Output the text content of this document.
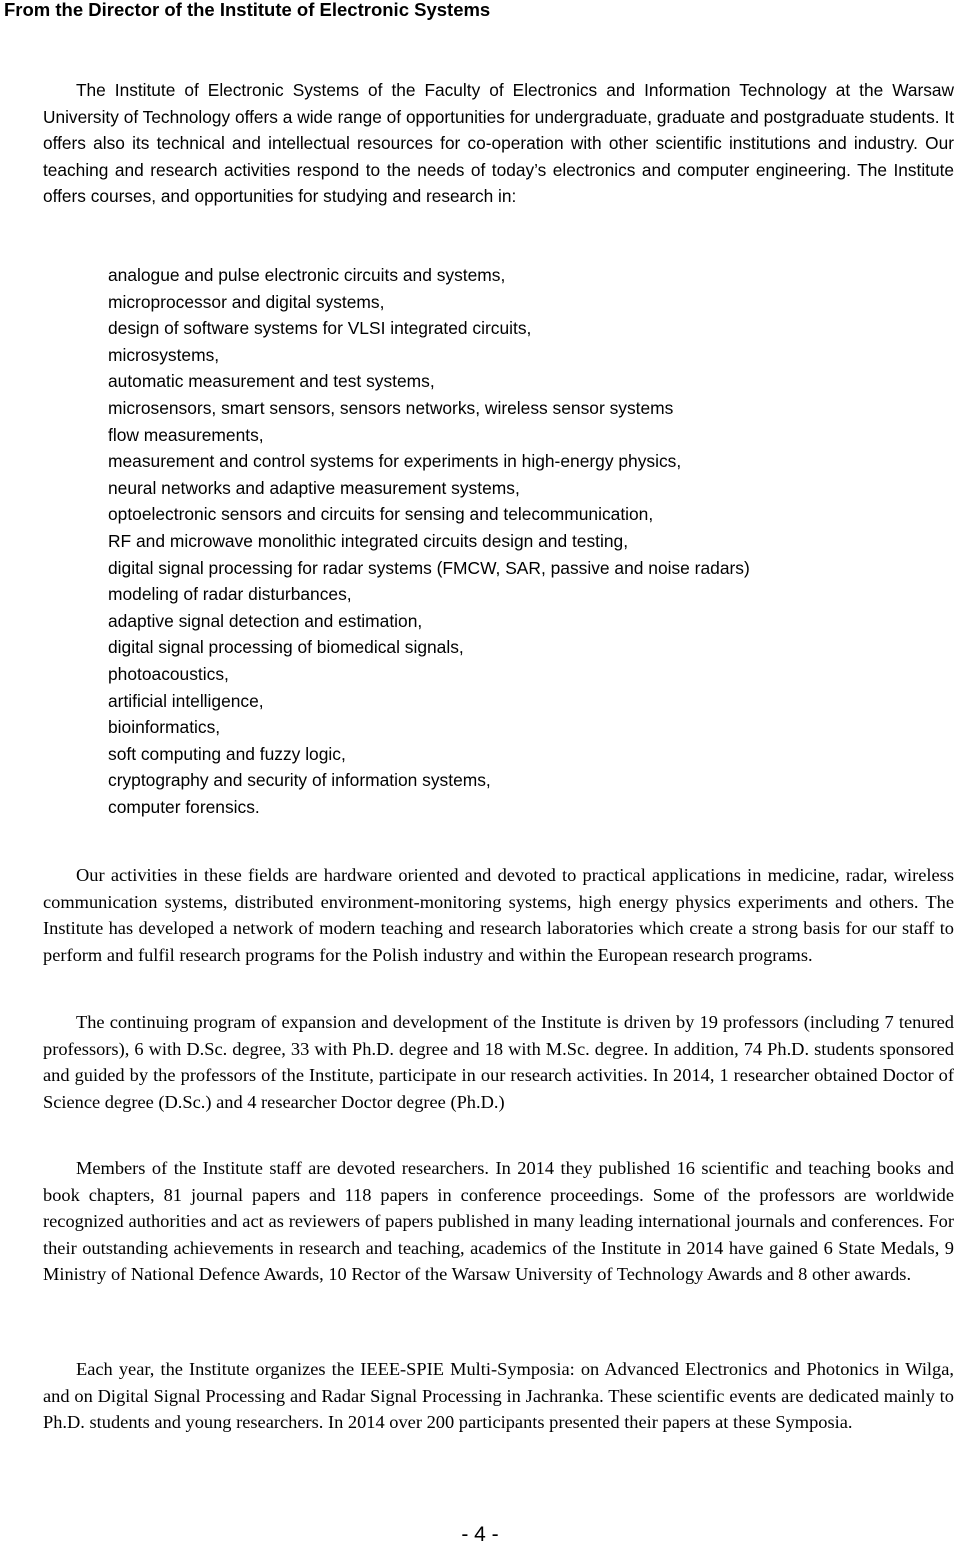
From the Director of the Institute of Electronic Systems

The Institute of Electronic Systems of the Faculty of Electronics and Information Technology at the Warsaw University of Technology offers a wide range of opportunities for undergraduate, graduate and postgraduate students. It offers also its technical and intellectual resources for co-operation with other scientific institutions and industry. Our teaching and research activities respond to the needs of today’s electronics and computer engineering. The Institute offers courses, and opportunities for studying and research in:

analogue and pulse electronic circuits and systems,
microprocessor and digital systems,
design of software systems for VLSI integrated circuits,
microsystems,
automatic measurement and test systems,
microsensors, smart sensors, sensors networks, wireless sensor systems
flow measurements,
measurement and control systems for experiments in high-energy physics,
neural networks and adaptive measurement systems,
optoelectronic sensors and circuits for sensing and telecommunication,
RF and microwave monolithic integrated circuits design and testing,
digital signal processing for radar systems (FMCW, SAR, passive and noise radars)
modeling of radar disturbances,
adaptive signal detection and estimation,
digital signal processing of biomedical signals,
photoacoustics,
artificial intelligence,
bioinformatics,
soft computing and fuzzy logic,
cryptography and security of information systems,
computer forensics.

Our activities in these fields are hardware oriented and devoted to practical applications in medicine, radar, wireless communication systems, distributed environment-monitoring systems, high energy physics experiments and others. The Institute has developed a network of modern teaching and research laboratories which create a strong basis for our staff to perform and fulfil research programs for the Polish industry and within the European research programs.

The continuing program of expansion and development of the Institute is driven by 19 professors (including 7 tenured professors), 6 with D.Sc. degree, 33 with Ph.D. degree and 18 with M.Sc. degree. In addition, 74 Ph.D. students sponsored and guided by the professors of the Institute, participate in our research activities. In 2014, 1 researcher obtained Doctor of Science degree (D.Sc.) and 4 researcher Doctor degree (Ph.D.)

Members of the Institute staff are devoted researchers. In 2014 they published 16 scientific and teaching books and book chapters, 81 journal papers and 118 papers in conference proceedings. Some of the professors are worldwide recognized authorities and act as reviewers of papers published in many leading international journals and conferences. For their outstanding achievements in research and teaching, academics of the Institute in 2014 have gained 6 State Medals, 9 Ministry of National Defence Awards, 10 Rector of the Warsaw University of Technology Awards and 8 other awards.

Each year, the Institute organizes the IEEE-SPIE Multi-Symposia: on Advanced Electronics and Photonics in Wilga, and on Digital Signal Processing and Radar Signal Processing in Jachranka. These scientific events are dedicated mainly to Ph.D. students and young researchers. In 2014 over 200 participants presented their papers at these Symposia.

- 4 -
